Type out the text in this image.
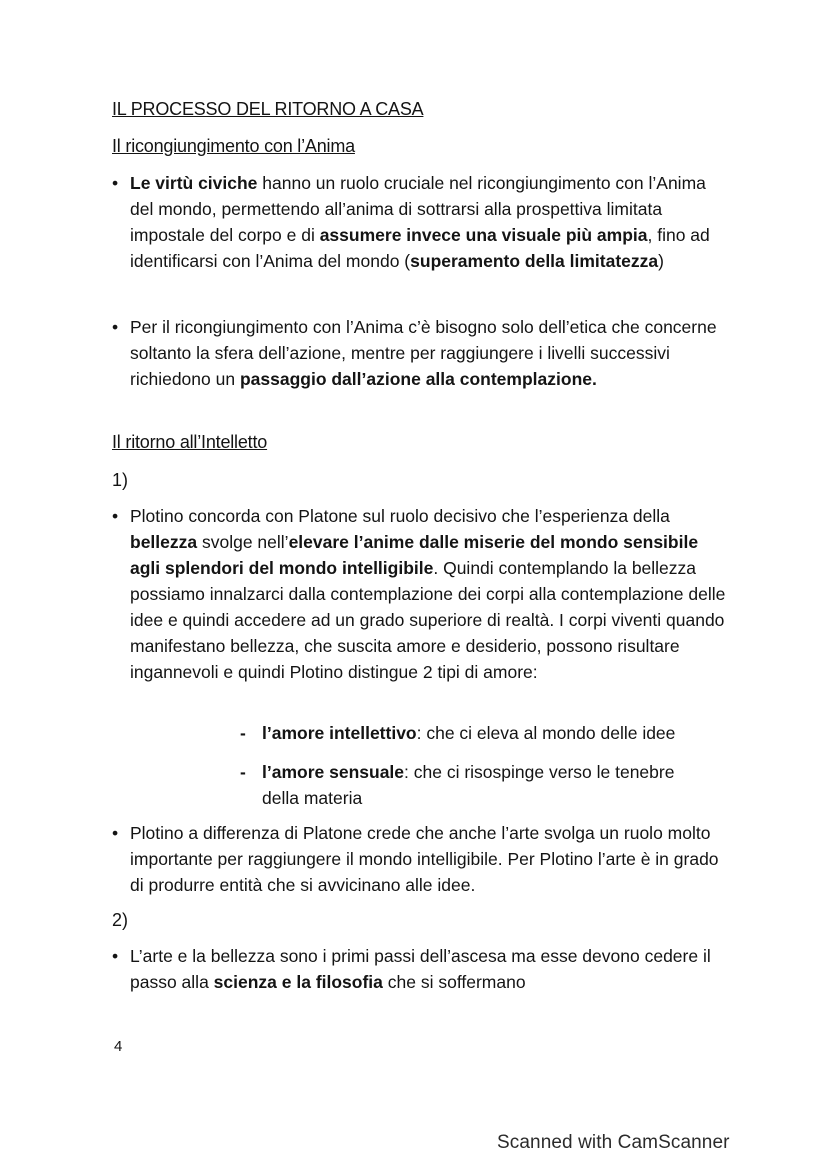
IL PROCESSO DEL RITORNO A CASA
Il ricongiungimento con l’Anima
• Le virtù civiche hanno un ruolo cruciale nel ricongiungimento con l’Anima del mondo, permettendo all’anima di sottrarsi alla prospettiva limitata impostale del corpo e di assumere invece una visuale più ampia, fino ad identificarsi con l’Anima del mondo (superamento della limitatezza)
• Per il ricongiungimento con l’Anima c’è bisogno solo dell’etica che concerne soltanto la sfera dell’azione, mentre per raggiungere i livelli successivi richiedono un passaggio dall’azione alla contemplazione.
Il ritorno all’Intelletto
1)
• Plotino concorda con Platone sul ruolo decisivo che l’esperienza della bellezza svolge nell’elevare l’anime dalle miserie del mondo sensibile agli splendori del mondo intelligibile. Quindi contemplando la bellezza possiamo innalzarci dalla contemplazione dei corpi alla contemplazione delle idee e quindi accedere ad un grado superiore di realtà. I corpi viventi quando manifestano bellezza, che suscita amore e desiderio, possono risultare ingannevoli e quindi Plotino distingue 2 tipi di amore:
- l’amore intellettivo: che ci eleva al mondo delle idee
- l’amore sensuale: che ci risospinge verso le tenebre della materia
• Plotino a differenza di Platone crede che anche l’arte svolga un ruolo molto importante per raggiungere il mondo intelligibile. Per Plotino l’arte è in grado di produrre entità che si avvicinano alle idee.
2)
• L’arte e la bellezza sono i primi passi dell’ascesa ma esse devono cedere il passo alla scienza e la filosofia che si soffermano
4
Scanned with CamScanner
